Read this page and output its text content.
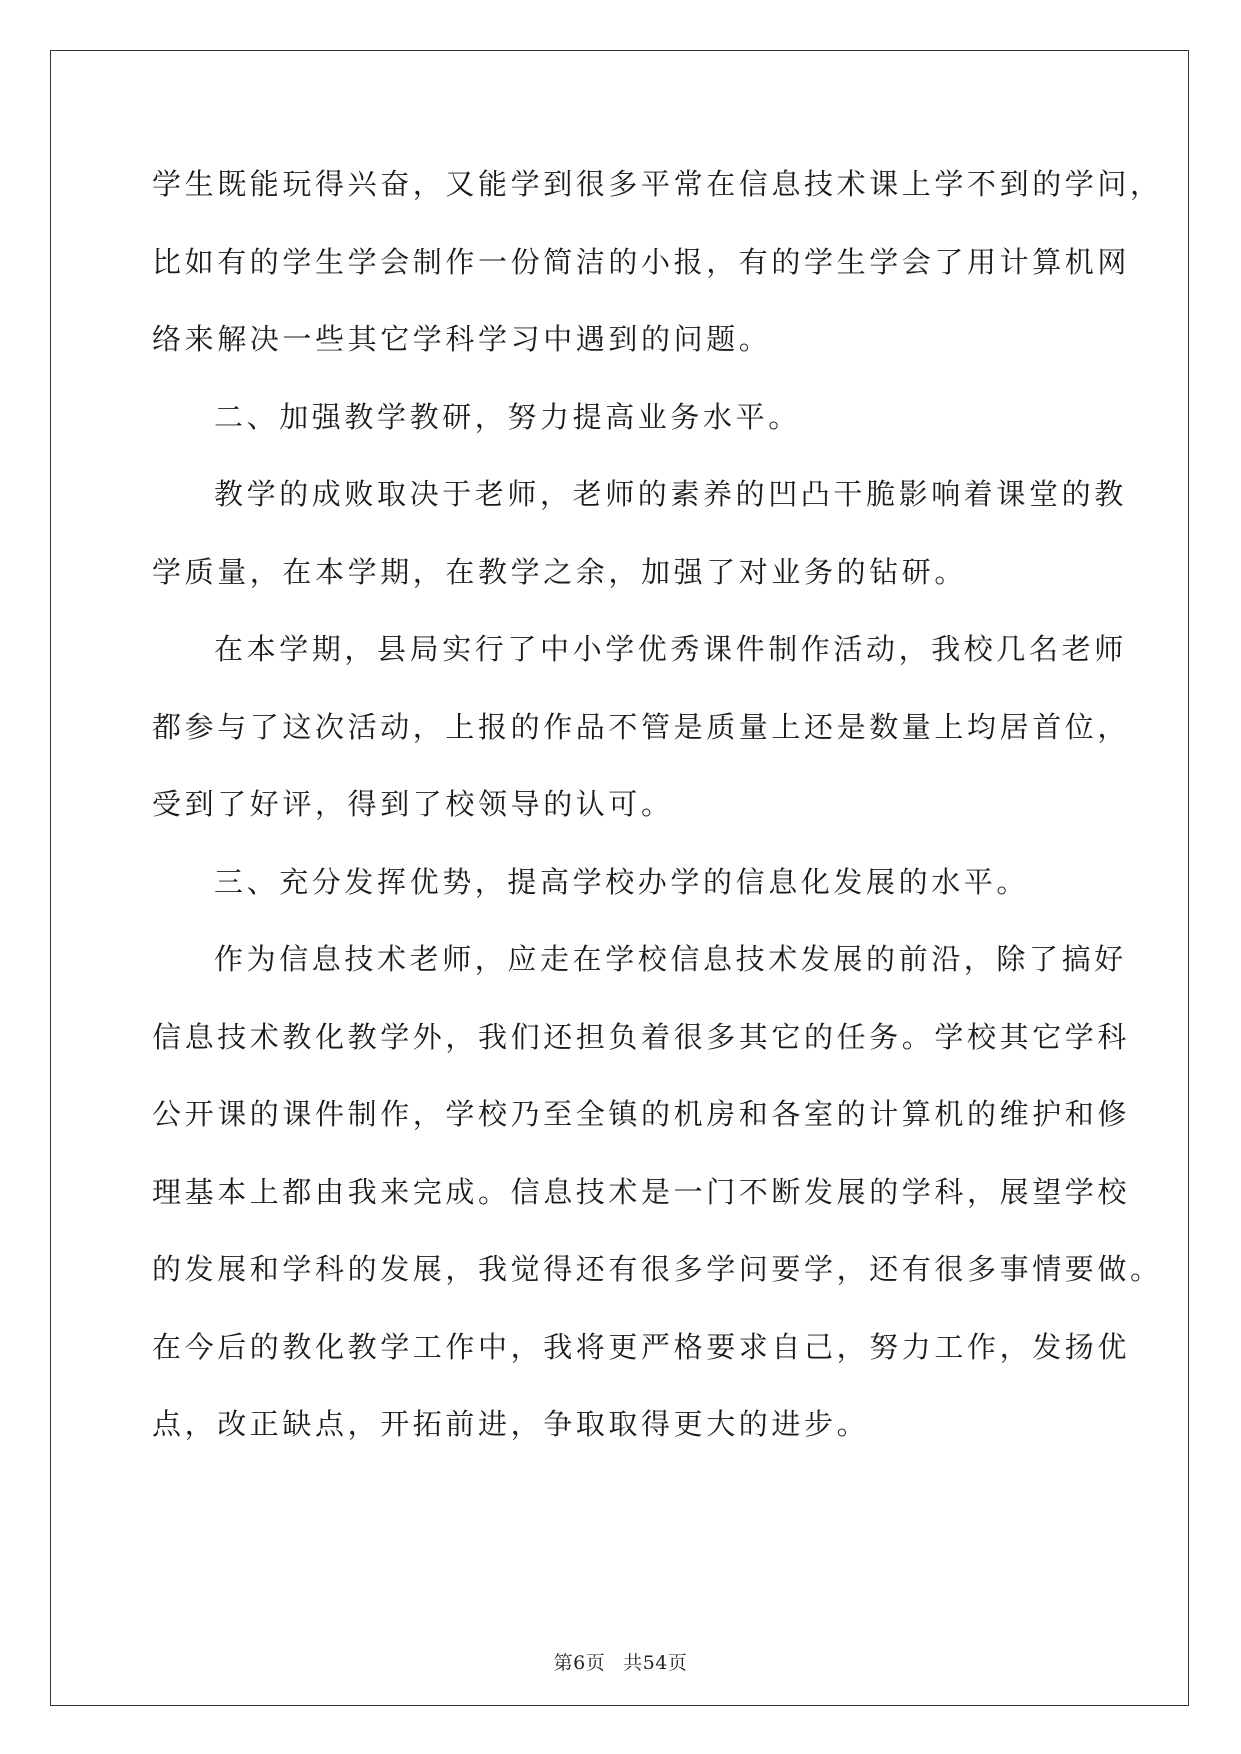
学生既能玩得兴奋，又能学到很多平常在信息技术课上学不到的学问，
比如有的学生学会制作一份简洁的小报，有的学生学会了用计算机网
络来解决一些其它学科学习中遇到的问题。
二、加强教学教研，努力提高业务水平。
教学的成败取决于老师，老师的素养的凹凸干脆影响着课堂的教
学质量，在本学期，在教学之余，加强了对业务的钻研。
在本学期，县局实行了中小学优秀课件制作活动，我校几名老师
都参与了这次活动，上报的作品不管是质量上还是数量上均居首位，
受到了好评，得到了校领导的认可。
三、充分发挥优势，提高学校办学的信息化发展的水平。
作为信息技术老师，应走在学校信息技术发展的前沿，除了搞好
信息技术教化教学外，我们还担负着很多其它的任务。学校其它学科
公开课的课件制作，学校乃至全镇的机房和各室的计算机的维护和修
理基本上都由我来完成。信息技术是一门不断发展的学科，展望学校
的发展和学科的发展，我觉得还有很多学问要学，还有很多事情要做。
在今后的教化教学工作中，我将更严格要求自己，努力工作，发扬优
点，改正缺点，开拓前进，争取取得更大的进步。
第6页 共54页
